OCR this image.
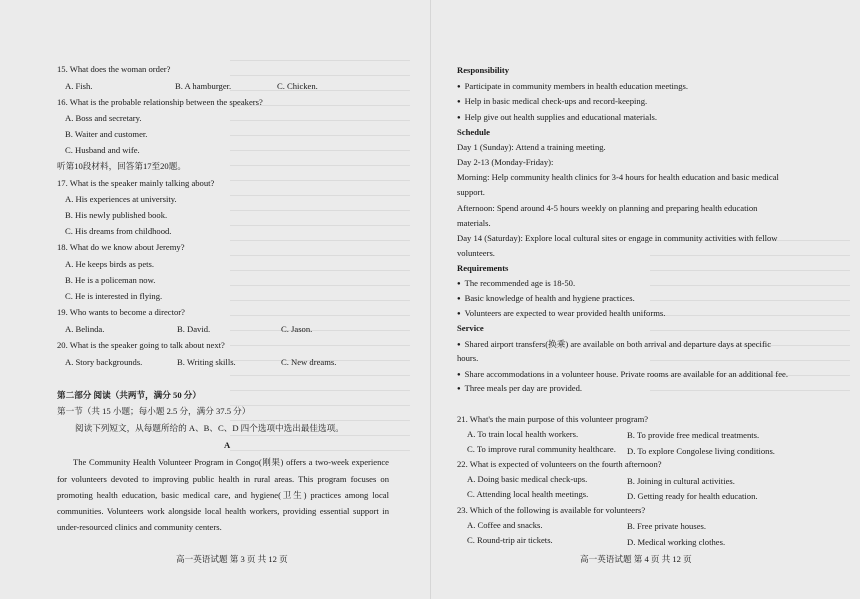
15. What does the woman order?
A. Fish.	B. A hamburger.	C. Chicken.
16. What is the probable relationship between the speakers?
A. Boss and secretary.
B. Waiter and customer.
C. Husband and wife.
听第10段材料，回答第17至20题。
17. What is the speaker mainly talking about?
A. His experiences at university.
B. His newly published book.
C. His dreams from childhood.
18. What do we know about Jeremy?
A. He keeps birds as pets.
B. He is a policeman now.
C. He is interested in flying.
19. Who wants to become a director?
A. Belinda.	B. David.	C. Jason.
20. What is the speaker going to talk about next?
A. Story backgrounds.	B. Writing skills.	C. New dreams.
第二部分 阅读（共两节，满分 50 分）
第一节（共 15 小题；每小题 2.5 分，满分 37.5 分）
阅读下列短文，从每题所给的 A、B、C、D 四个选项中选出最佳选项。
A
The Community Health Volunteer Program in Congo(刚果) offers a two-week experience
for volunteers devoted to improving public health in rural areas. This program focuses on
promoting health education, basic medical care, and hygiene(卫生) practices among local
communities. Volunteers work alongside local health workers, providing essential support in
under-resourced clinics and community centers.
高一英语试题 第 3 页 共 12 页
Responsibility
● Participate in community members in health education meetings.
● Help in basic medical check-ups and record-keeping.
● Help give out health supplies and educational materials.
Schedule
Day 1 (Sunday): Attend a training meeting.
Day 2-13 (Monday-Friday):
Morning: Help community health clinics for 3-4 hours for health education and basic medical
support.
Afternoon: Spend around 4-5 hours weekly on planning and preparing health education
materials.
Day 14 (Saturday): Explore local cultural sites or engage in community activities with fellow
volunteers.
Requirements
● The recommended age is 18-50.
● Basic knowledge of health and hygiene practices.
● Volunteers are expected to wear provided health uniforms.
Service
● Shared airport transfers(换乘) are available on both arrival and departure days at specific
hours.
● Share accommodations in a volunteer house. Private rooms are available for an additional fee.
● Three meals per day are provided.
21. What's the main purpose of this volunteer program?
A. To train local health workers.	B. To provide free medical treatments.
C. To improve rural community healthcare. D. To explore Congolese living conditions.
22. What is expected of volunteers on the fourth afternoon?
A. Doing basic medical check-ups.	B. Joining in cultural activities.
C. Attending local health meetings.	D. Getting ready for health education.
23. Which of the following is available for volunteers?
A. Coffee and snacks.	B. Free private houses.
C. Round-trip air tickets.	D. Medical working clothes.
高一英语试题 第 4 页 共 12 页
